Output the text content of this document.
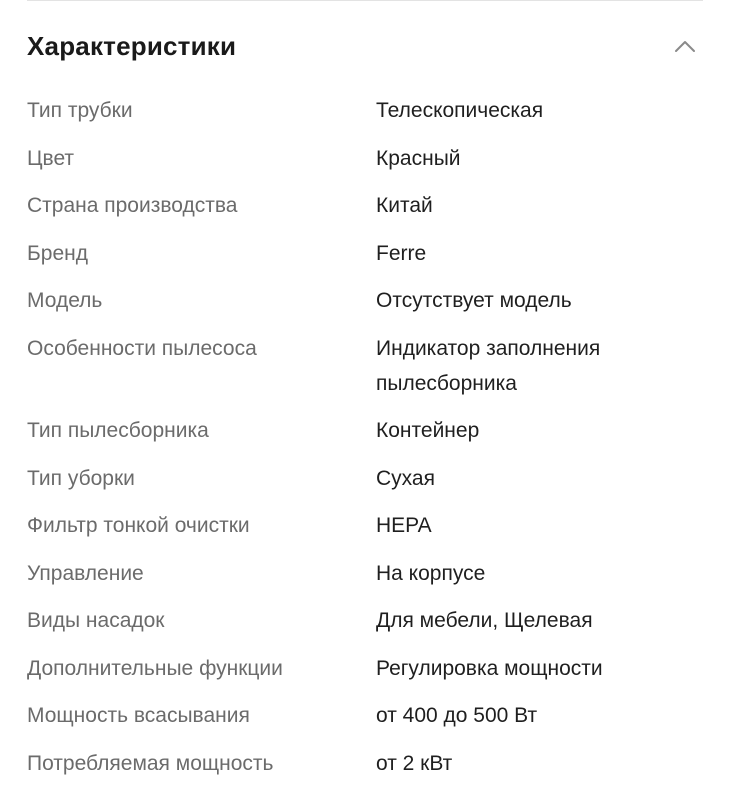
Характеристики
Тип трубки	Телескопическая
Цвет	Красный
Страна производства	Китай
Бренд	Ferre
Модель	Отсутствует модель
Особенности пылесоса	Индикатор заполнения пылесборника
Тип пылесборника	Контейнер
Тип уборки	Сухая
Фильтр тонкой очистки	HEPA
Управление	На корпусе
Виды насадок	Для мебели, Щелевая
Дополнительные функции	Регулировка мощности
Мощность всасывания	от 400 до 500 Вт
Потребляемая мощность	от 2 кВт
